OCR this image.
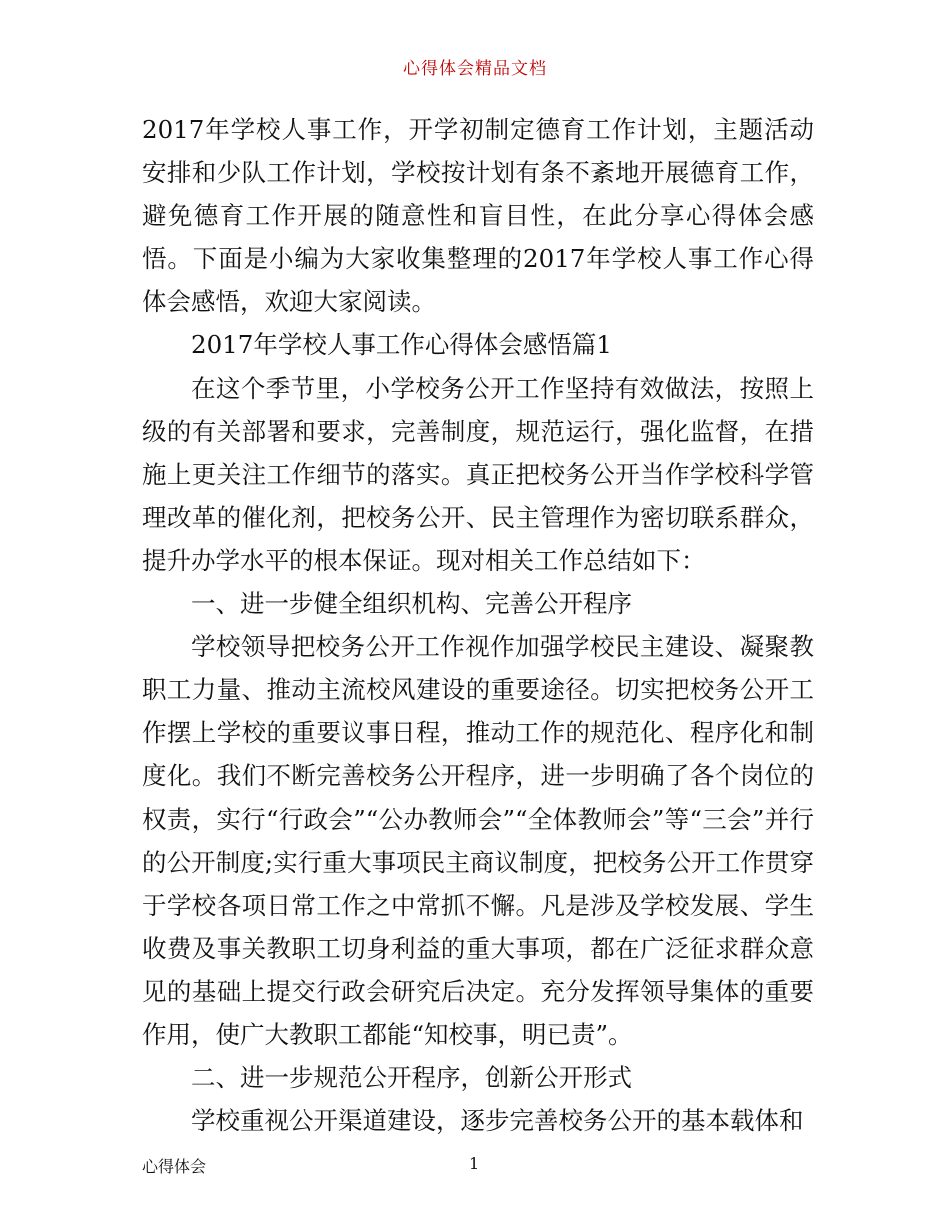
心得体会精品文档

2017年学校人事工作，开学初制定德育工作计划，主题活动安排和少队工作计划，学校按计划有条不紊地开展德育工作，避免德育工作开展的随意性和盲目性，在此分享心得体会感悟。下面是小编为大家收集整理的2017年学校人事工作心得体会感悟，欢迎大家阅读。

2017年学校人事工作心得体会感悟篇1

在这个季节里，小学校务公开工作坚持有效做法，按照上级的有关部署和要求，完善制度，规范运行，强化监督，在措施上更关注工作细节的落实。真正把校务公开当作学校科学管理改革的催化剂，把校务公开、民主管理作为密切联系群众，提升办学水平的根本保证。现对相关工作总结如下：

一、进一步健全组织机构、完善公开程序

学校领导把校务公开工作视作加强学校民主建设、凝聚教职工力量、推动主流校风建设的重要途径。切实把校务公开工作摆上学校的重要议事日程，推动工作的规范化、程序化和制度化。我们不断完善校务公开程序，进一步明确了各个岗位的权责，实行“行政会”“公办教师会”“全体教师会”等“三会”并行的公开制度;实行重大事项民主商议制度，把校务公开工作贯穿于学校各项日常工作之中常抓不懈。凡是涉及学校发展、学生收费及事关教职工切身利益的重大事项，都在广泛征求群众意见的基础上提交行政会研究后决定。充分发挥领导集体的重要作用，使广大教职工都能“知校事，明已责”。

二、进一步规范公开程序，创新公开形式

学校重视公开渠道建设，逐步完善校务公开的基本载体和

心得体会	1
